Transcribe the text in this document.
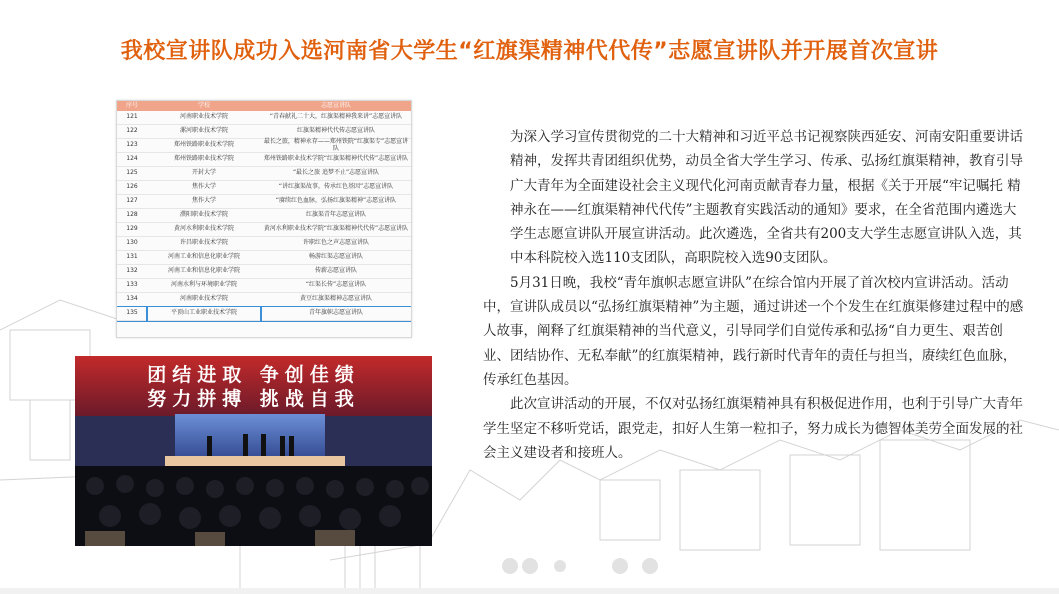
我校宣讲队成功入选河南省大学生“红旗渠精神代代传”志愿宣讲队并开展首次宣讲
序号	学校	志愿宣讲队
121	河南职业技术学院	“青春献礼二十大，红旗渠精神我来讲”志愿宣讲队
122	漯河职业技术学院	红旗渠精神代代传志愿宣讲队
123	郑州铁路职业技术学院	最长之旅，精神永存——郑州铁院“红旗渠专”志愿宣讲队
124	郑州铁路职业技术学院	郑州铁路职业技术学院“红旗渠精神代代传”志愿宣讲队
125	开封大学	“最长之旅 追梦不止”志愿宣讲队
126	焦作大学	“讲红旗渠故事，传承红色基因”志愿宣讲队
127	焦作大学	“赓续红色血脉，弘扬红旗渠精神”志愿宣讲队
128	濮阳职业技术学院	红旗渠青年志愿宣讲队
129	黄河水利职业技术学院	黄河水利职业技术学院“红旗渠精神代代传”志愿宣讲队
130	许昌职业技术学院	许职红色之声志愿宣讲队
131	河南工业和信息化职业学院	畅游红渠志愿宣讲队
132	河南工业和信息化职业学院	传薪志愿宣讲队
133	河南水利与环境职业学院	“红渠长传”志愿宣讲队
134	河南职业技术学院	黄豆红旗渠精神志愿宣讲队
135	平顶山工业职业技术学院	青年旗帜志愿宣讲队
团结进取 争创佳绩
努力拼搏 挑战自我

为深入学习宣传贯彻党的二十大精神和习近平总书记视察陕西延安、河南安阳重要讲话精神，发挥共青团组织优势，动员全省大学生学习、传承、弘扬红旗渠精神，教育引导广大青年为全面建设社会主义现代化河南贡献青春力量，根据《关于开展“牢记嘱托 精神永在——红旗渠精神代代传”主题教育实践活动的通知》要求，在全省范围内遴选大学生志愿宣讲队开展宣讲活动。此次遴选，全省共有200支大学生志愿宣讲队入选，其中本科院校入选110支团队，高职院校入选90支团队。

5月31日晚，我校“青年旗帜志愿宣讲队”在综合馆内开展了首次校内宣讲活动。活动中，宣讲队成员以“弘扬红旗渠精神”为主题，通过讲述一个个发生在红旗渠修建过程中的感人故事，阐释了红旗渠精神的当代意义，引导同学们自觉传承和弘扬“自力更生、艰苦创业、团结协作、无私奉献”的红旗渠精神，践行新时代青年的责任与担当，赓续红色血脉，传承红色基因。

此次宣讲活动的开展，不仅对弘扬红旗渠精神具有积极促进作用，也利于引导广大青年学生坚定不移听党话，跟党走，扣好人生第一粒扣子，努力成长为德智体美劳全面发展的社会主义建设者和接班人。
